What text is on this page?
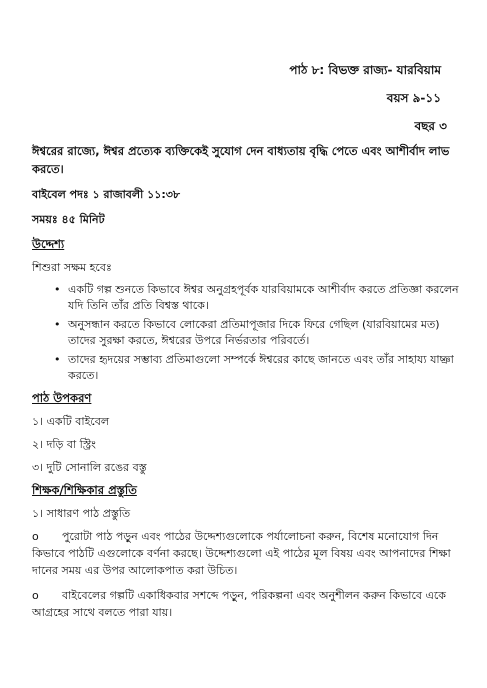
পাঠ ৮: বিভক্ত রাজ্য- যারবিয়াম
বয়স ৯-১১
বছর ৩

ঈশ্বরের রাজ্যে, ঈশ্বর প্রত্যেক ব্যক্তিকেই সুযোগ দেন বাধ্যতায় বৃদ্ধি পেতে এবং আশীর্বাদ লাভ করতে।

বাইবেল পদঃ ১ রাজাবলী ১১:৩৮

সময়ঃ ৪৫ মিনিট

উদ্দেশ্য

শিশুরা সক্ষম হবেঃ

• একটি গল্প শুনতে কিভাবে ঈশ্বর অনুগ্রহপূর্বক যারবিয়ামকে আশীর্বাদ করতে প্রতিজ্ঞা করলেন যদি তিনি তাঁর প্রতি বিশ্বস্ত থাকে।
• অনুসন্ধান করতে কিভাবে লোকেরা প্রতিমাপূজার দিকে ফিরে গেছিল (যারবিয়ামের মত) তাদের সুরক্ষা করতে, ঈশ্বরের উপরে নির্ভরতার পরিবর্তে।
• তাদের হৃদয়ের সম্ভাব্য প্রতিমাগুলো সম্পর্কে ঈশ্বরের কাছে জানতে এবং তাঁর সাহায্য যাচ্ঞা করতে।

পাঠ উপকরণ

১। একটি বাইবেল

২। দড়ি বা স্ট্রিং

৩। দুটি সোনালি রঙের বস্তু

শিক্ষক/শিক্ষিকার প্রস্তুতি

১। সাধারণ পাঠ প্রস্তুতি

o পুরোটা পাঠ পড়ুন এবং পাঠের উদ্দেশ্যগুলোকে পর্যালোচনা করুন, বিশেষ মনোযোগ দিন কিভাবে পাঠটি এগুলোকে বর্ণনা করছে। উদ্দেশ্যগুলো এই পাঠের মূল বিষয় এবং আপনাদের শিক্ষা দানের সময় এর উপর আলোকপাত করা উচিত।

o বাইবেলের গল্পটি একাধিকবার সশব্দে পড়ুন, পরিকল্পনা এবং অনুশীলন করুন কিভাবে একে আগ্রহের সাথে বলতে পারা যায়।
